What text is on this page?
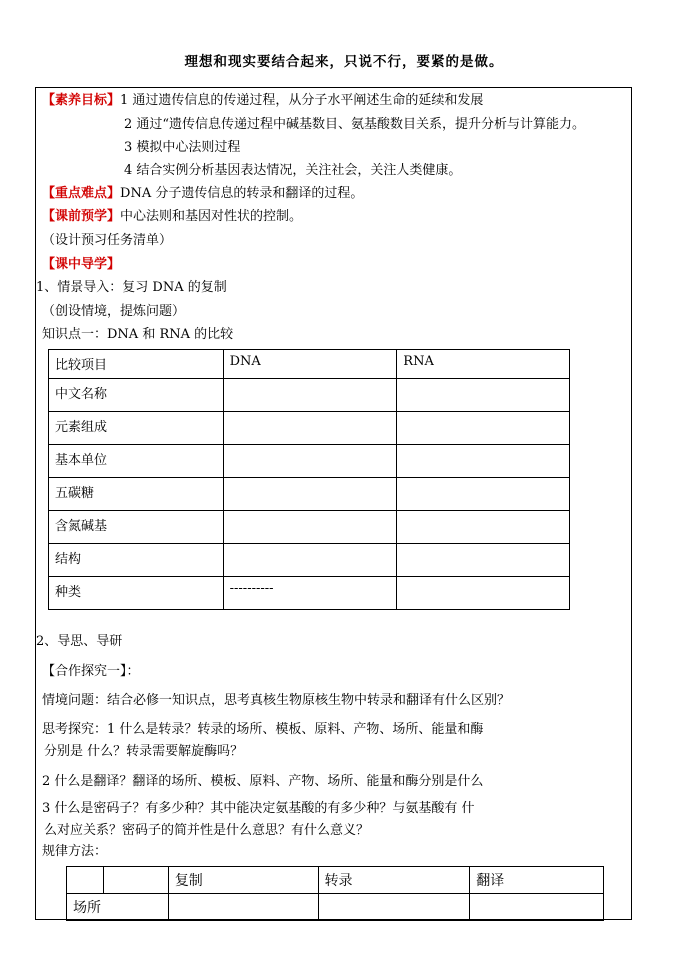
理想和现实要结合起来，只说不行，要紧的是做。
【素养目标】1 通过遗传信息的传递过程，从分子水平阐述生命的延续和发展
2 通过“遗传信息传递过程中碱基数目、氨基酸数目关系，提升分析与计算能力。
3 模拟中心法则过程
4 结合实例分析基因表达情况，关注社会，关注人类健康。
【重点难点】DNA 分子遗传信息的转录和翻译的过程。
【课前预学】中心法则和基因对性状的控制。
（设计预习任务清单）
【课中导学】
1、情景导入：复习 DNA 的复制
（创设情境，提炼问题）
知识点一：DNA 和 RNA 的比较
比较项目	DNA	RNA
中文名称		
元素组成		
基本单位		
五碳糖		
含氮碱基		
结构		
种类	----------	
2、导思、导研
【合作探究一】：
情境问题：结合必修一知识点，思考真核生物原核生物中转录和翻译有什么区别？
思考探究：1 什么是转录？转录的场所、模板、原料、产物、场所、能量和酶
分别是 什么？转录需要解旋酶吗？
2 什么是翻译？翻译的场所、模板、原料、产物、场所、能量和酶分别是什么
3 什么是密码子？有多少种？其中能决定氨基酸的有多少种？与氨基酸有 什
么对应关系？密码子的简并性是什么意思？有什么意义？
规律方法：
		复制	转录	翻译
场所				
